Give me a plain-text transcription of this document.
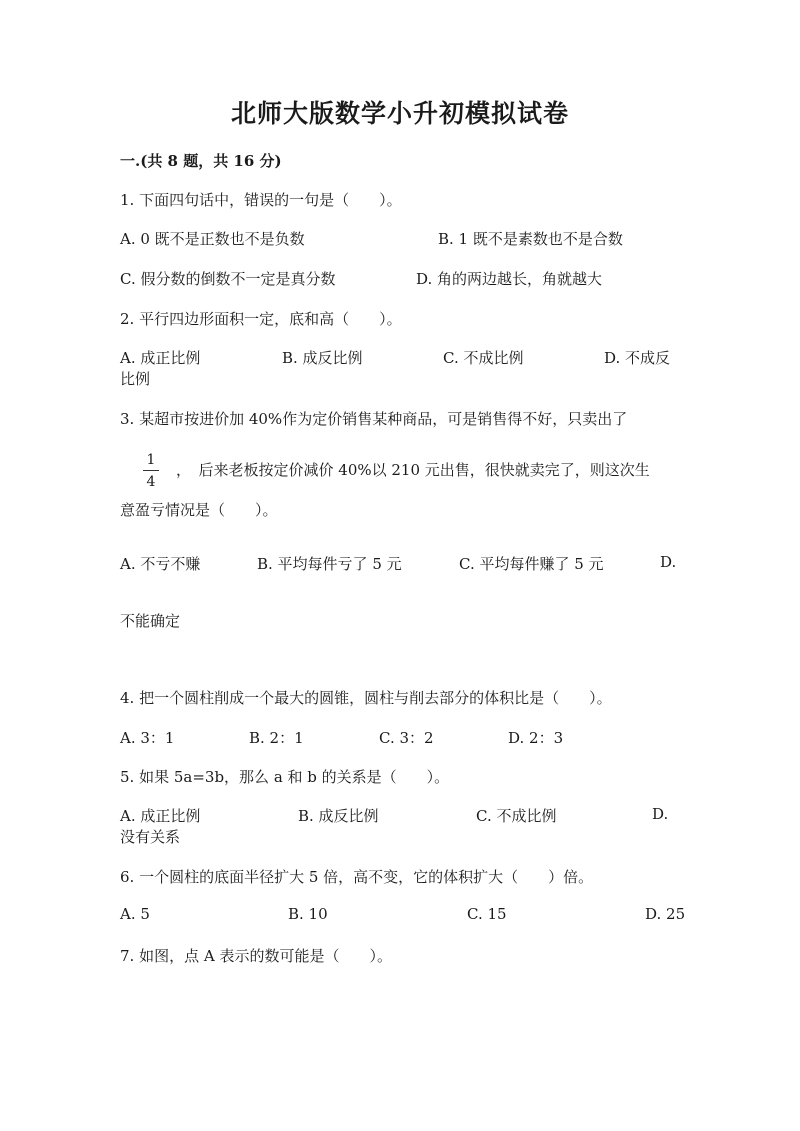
北师大版数学小升初模拟试卷
一.(共 8 题，共 16 分)
1. 下面四句话中，错误的一句是（　　）。
A. 0 既不是正数也不是负数	B. 1 既不是素数也不是合数
C. 假分数的倒数不一定是真分数	D. 角的两边越长，角就越大
2. 平行四边形面积一定，底和高（　　）。
A. 成正比例	B. 成反比例	C. 不成比例	D. 不成反
比例
3. 某超市按进价加 40%作为定价销售某种商品，可是销售得不好，只卖出了
1
4
，　后来老板按定价减价 40%以 210 元出售，很快就卖完了，则这次生
意盈亏情况是（　　）。
A. 不亏不赚	B. 平均每件亏了 5 元	C. 平均每件赚了 5 元	D.
不能确定
4. 把一个圆柱削成一个最大的圆锥，圆柱与削去部分的体积比是（　　）。
A. 3：1	B. 2：1	C. 3：2	D. 2：3
5. 如果 5a=3b，那么 a 和 b 的关系是（　　）。
A. 成正比例	B. 成反比例	C. 不成比例	D.
没有关系
6. 一个圆柱的底面半径扩大 5 倍，高不变，它的体积扩大（　　）倍。
A. 5	B. 10	C. 15	D. 25
7. 如图，点 A 表示的数可能是（　　）。
